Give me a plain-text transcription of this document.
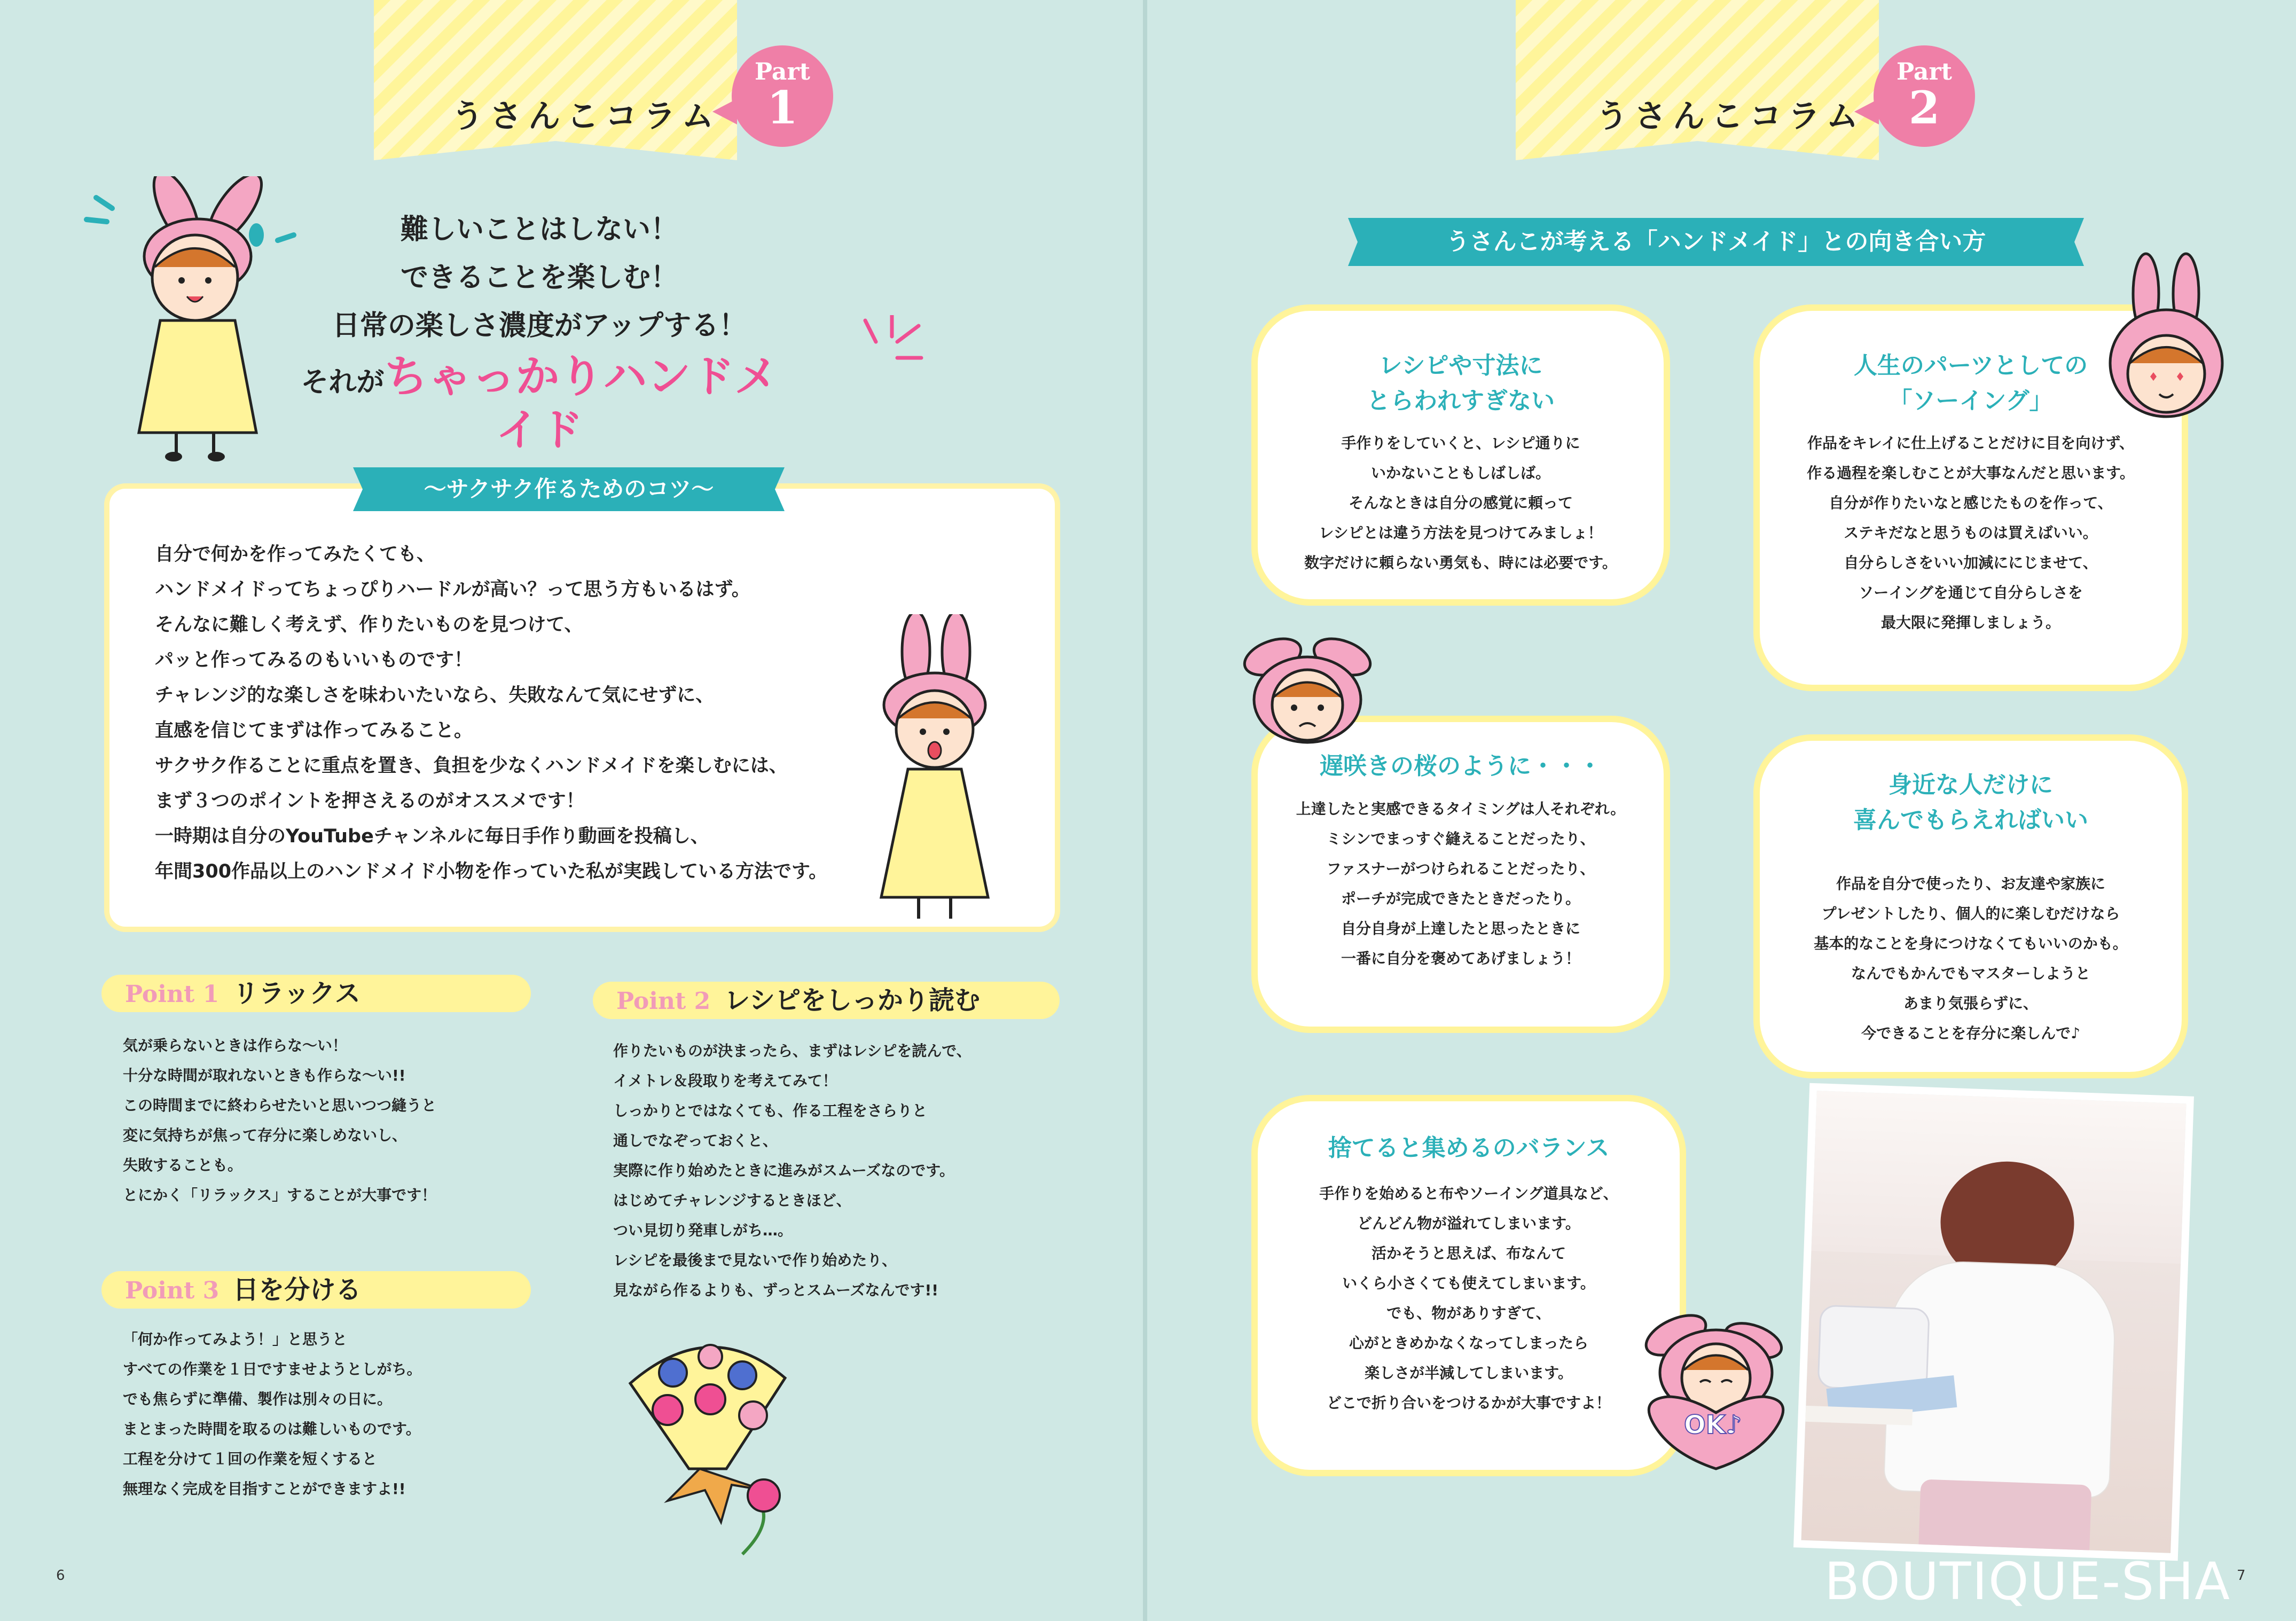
うさんこコラム
Part
1
難しいことはしない！
できることを楽しむ！
日常の楽しさ濃度がアップする！
それがちゃっかりハンドメイド
～サクサク作るためのコツ～
自分で何かを作ってみたくても、
ハンドメイドってちょっぴりハードルが高い？って思う方もいるはず。
そんなに難しく考えず、作りたいものを見つけて、
パッと作ってみるのもいいものです！
チャレンジ的な楽しさを味わいたいなら、失敗なんて気にせずに、
直感を信じてまずは作ってみること。
サクサク作ることに重点を置き、負担を少なくハンドメイドを楽しむには、
まず３つのポイントを押さえるのがオススメです！
一時期は自分のYouTubeチャンネルに毎日手作り動画を投稿し、
年間300作品以上のハンドメイド小物を作っていた私が実践している方法です。
Point 1 リラックス
気が乗らないときは作らな～い！
十分な時間が取れないときも作らな～い!!
この時間までに終わらせたいと思いつつ縫うと
変に気持ちが焦って存分に楽しめないし、
失敗することも。
とにかく「リラックス」することが大事です！
Point 2 レシピをしっかり読む
作りたいものが決まったら、まずはレシピを読んで、
イメトレ＆段取りを考えてみて！
しっかりとではなくても、作る工程をさらりと
通しでなぞっておくと、
実際に作り始めたときに進みがスムーズなのです。
はじめてチャレンジするときほど、
つい見切り発車しがち…。
レシピを最後まで見ないで作り始めたり、
見ながら作るよりも、ずっとスムーズなんです!!
Point 3 日を分ける
「何か作ってみよう！」と思うと
すべての作業を１日ですませようとしがち。
でも焦らずに準備、製作は別々の日に。
まとまった時間を取るのは難しいものです。
工程を分けて１回の作業を短くすると
無理なく完成を目指すことができますよ!!
6
うさんこコラム
Part
2
うさんこが考える「ハンドメイド」との向き合い方
レシピや寸法に
とらわれすぎない
手作りをしていくと、レシピ通りに
いかないこともしばしば。
そんなときは自分の感覚に頼って
レシピとは違う方法を見つけてみましょ！
数字だけに頼らない勇気も、時には必要です。
人生のパーツとしての
「ソーイング」
作品をキレイに仕上げることだけに目を向けず、
作る過程を楽しむことが大事なんだと思います。
自分が作りたいなと感じたものを作って、
ステキだなと思うものは買えばいい。
自分らしさをいい加減ににじませて、
ソーイングを通じて自分らしさを
最大限に発揮しましょう。
遅咲きの桜のように・・・
上達したと実感できるタイミングは人それぞれ。
ミシンでまっすぐ縫えることだったり、
ファスナーがつけられることだったり、
ポーチが完成できたときだったり。
自分自身が上達したと思ったときに
一番に自分を褒めてあげましょう！
身近な人だけに
喜んでもらえればいい
作品を自分で使ったり、お友達や家族に
プレゼントしたり、個人的に楽しむだけなら
基本的なことを身につけなくてもいいのかも。
なんでもかんでもマスターしようと
あまり気張らずに、
今できることを存分に楽しんで♪
捨てると集めるのバランス
手作りを始めると布やソーイング道具など、
どんどん物が溢れてしまいます。
活かそうと思えば、布なんて
いくら小さくても使えてしまいます。
でも、物がありすぎて、
心がときめかなくなってしまったら
楽しさが半減してしまいます。
どこで折り合いをつけるかが大事ですよ！
OK♪
7
BOUTIQUE-SHA
